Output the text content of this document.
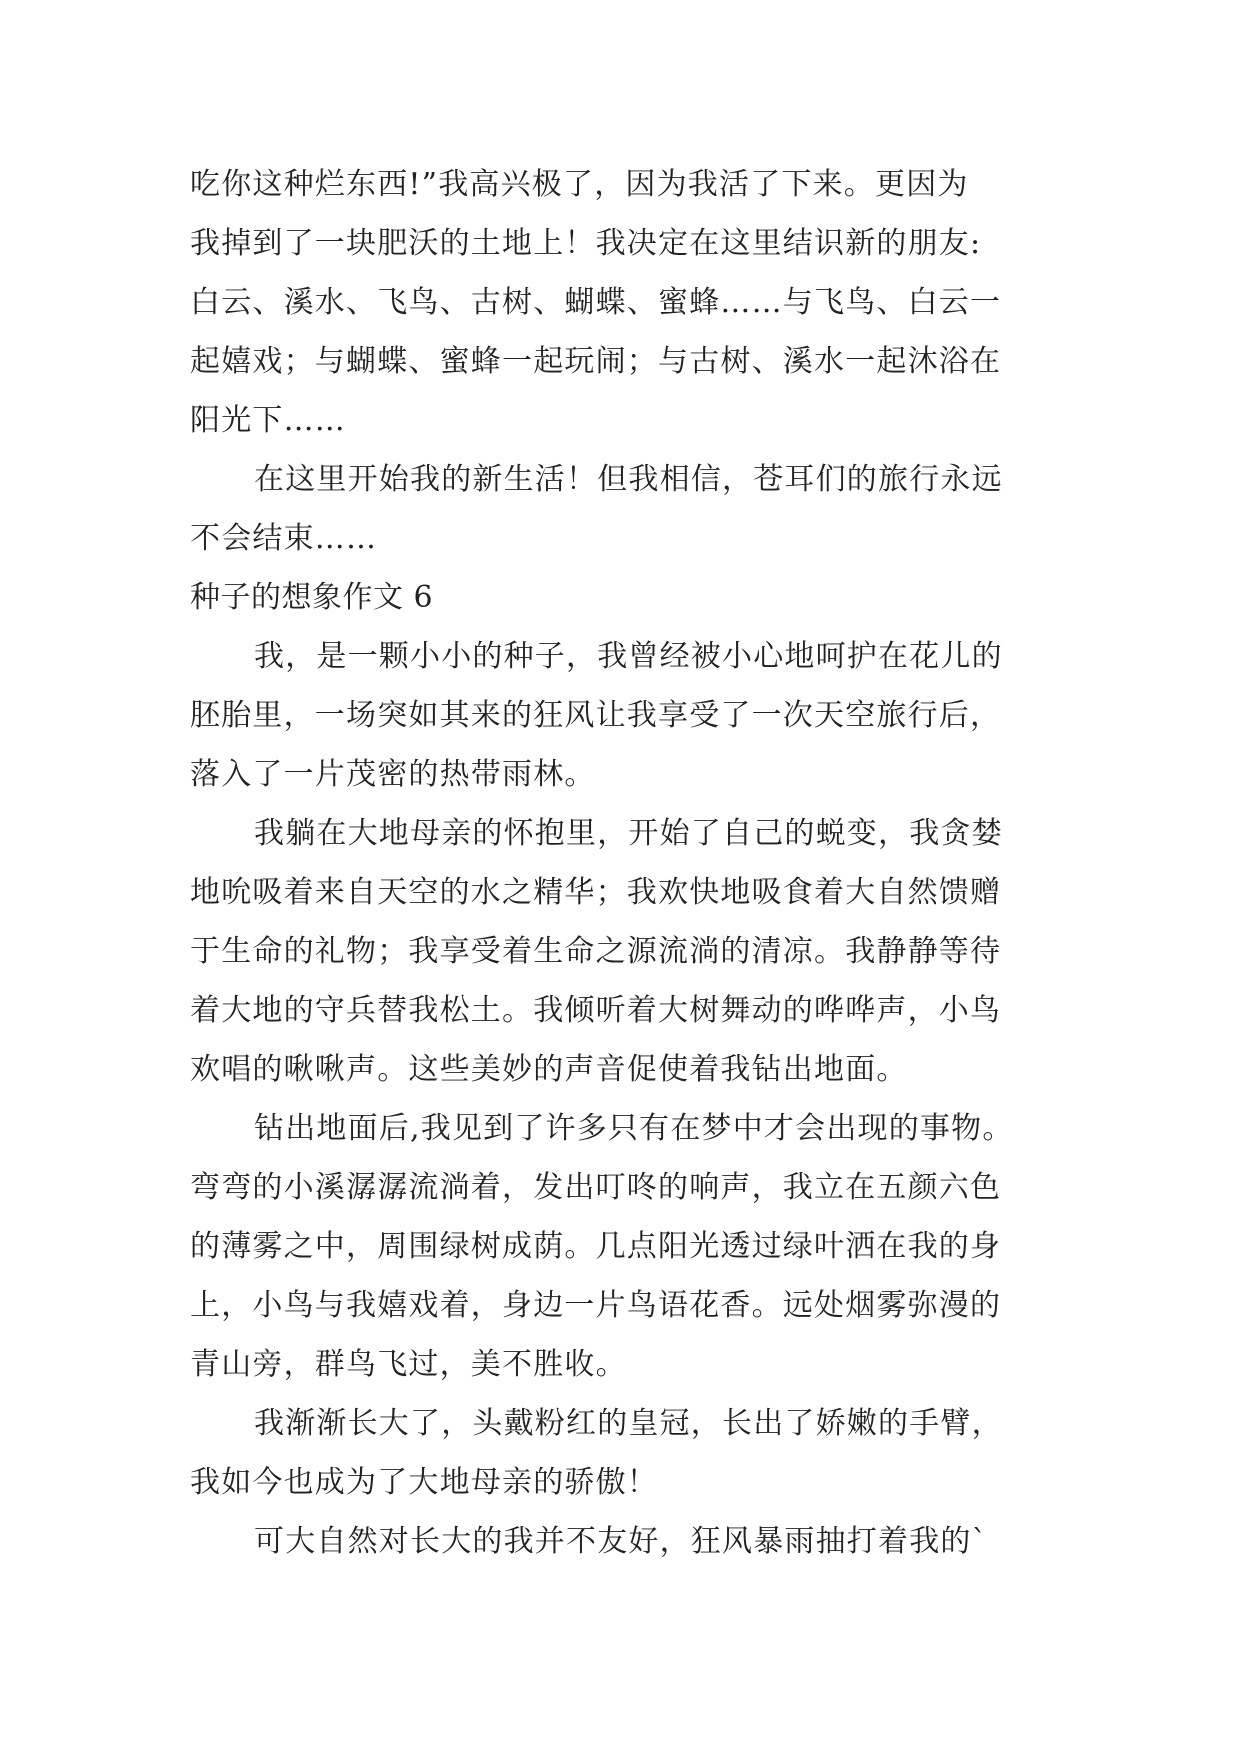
吃你这种烂东西!”我高兴极了，因为我活了下来。更因为
我掉到了一块肥沃的土地上！我决定在这里结识新的朋友:
白云、溪水、飞鸟、古树、蝴蝶、蜜蜂……与飞鸟、白云一
起嬉戏；与蝴蝶、蜜蜂一起玩闹；与古树、溪水一起沐浴在
阳光下……
在这里开始我的新生活！但我相信，苍耳们的旅行永远
不会结束……
种子的想象作文 6
我，是一颗小小的种子，我曾经被小心地呵护在花儿的
胚胎里，一场突如其来的狂风让我享受了一次天空旅行后，
落入了一片茂密的热带雨林。
我躺在大地母亲的怀抱里，开始了自己的蜕变，我贪婪
地吮吸着来自天空的水之精华；我欢快地吸食着大自然馈赠
于生命的礼物；我享受着生命之源流淌的清凉。我静静等待
着大地的守兵替我松土。我倾听着大树舞动的哗哗声，小鸟
欢唱的啾啾声。这些美妙的声音促使着我钻出地面。
钻出地面后,我见到了许多只有在梦中才会出现的事物。
弯弯的小溪潺潺流淌着，发出叮咚的响声，我立在五颜六色
的薄雾之中，周围绿树成荫。几点阳光透过绿叶洒在我的身
上，小鸟与我嬉戏着，身边一片鸟语花香。远处烟雾弥漫的
青山旁，群鸟飞过，美不胜收。
我渐渐长大了，头戴粉红的皇冠，长出了娇嫩的手臂，
我如今也成为了大地母亲的骄傲！
可大自然对长大的我并不友好，狂风暴雨抽打着我的`
